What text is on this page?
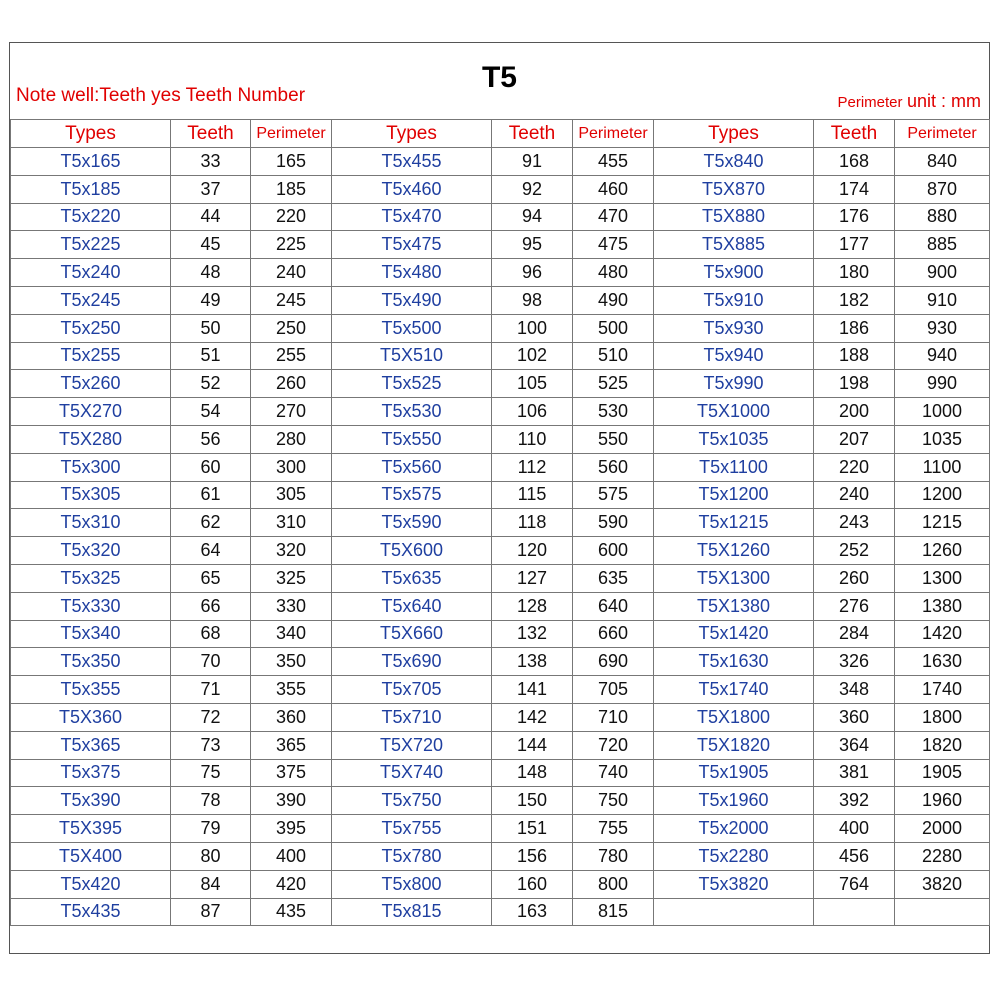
T5
Note well:Teeth yes Teeth Number	Perimeter unit : mm
Types	Teeth	Perimeter	Types	Teeth	Perimeter	Types	Teeth	Perimeter
T5x165	33	165	T5x455	91	455	T5x840	168	840
T5x185	37	185	T5x460	92	460	T5X870	174	870
T5x220	44	220	T5x470	94	470	T5X880	176	880
T5x225	45	225	T5x475	95	475	T5X885	177	885
T5x240	48	240	T5x480	96	480	T5x900	180	900
T5x245	49	245	T5x490	98	490	T5x910	182	910
T5x250	50	250	T5x500	100	500	T5x930	186	930
T5x255	51	255	T5X510	102	510	T5x940	188	940
T5x260	52	260	T5x525	105	525	T5x990	198	990
T5X270	54	270	T5x530	106	530	T5X1000	200	1000
T5X280	56	280	T5x550	110	550	T5x1035	207	1035
T5x300	60	300	T5x560	112	560	T5x1100	220	1100
T5x305	61	305	T5x575	115	575	T5x1200	240	1200
T5x310	62	310	T5x590	118	590	T5x1215	243	1215
T5x320	64	320	T5X600	120	600	T5X1260	252	1260
T5x325	65	325	T5x635	127	635	T5X1300	260	1300
T5x330	66	330	T5x640	128	640	T5X1380	276	1380
T5x340	68	340	T5X660	132	660	T5x1420	284	1420
T5x350	70	350	T5x690	138	690	T5x1630	326	1630
T5x355	71	355	T5x705	141	705	T5x1740	348	1740
T5X360	72	360	T5x710	142	710	T5X1800	360	1800
T5x365	73	365	T5X720	144	720	T5X1820	364	1820
T5x375	75	375	T5X740	148	740	T5x1905	381	1905
T5x390	78	390	T5x750	150	750	T5x1960	392	1960
T5X395	79	395	T5x755	151	755	T5x2000	400	2000
T5X400	80	400	T5x780	156	780	T5x2280	456	2280
T5x420	84	420	T5x800	160	800	T5x3820	764	3820
T5x435	87	435	T5x815	163	815			
